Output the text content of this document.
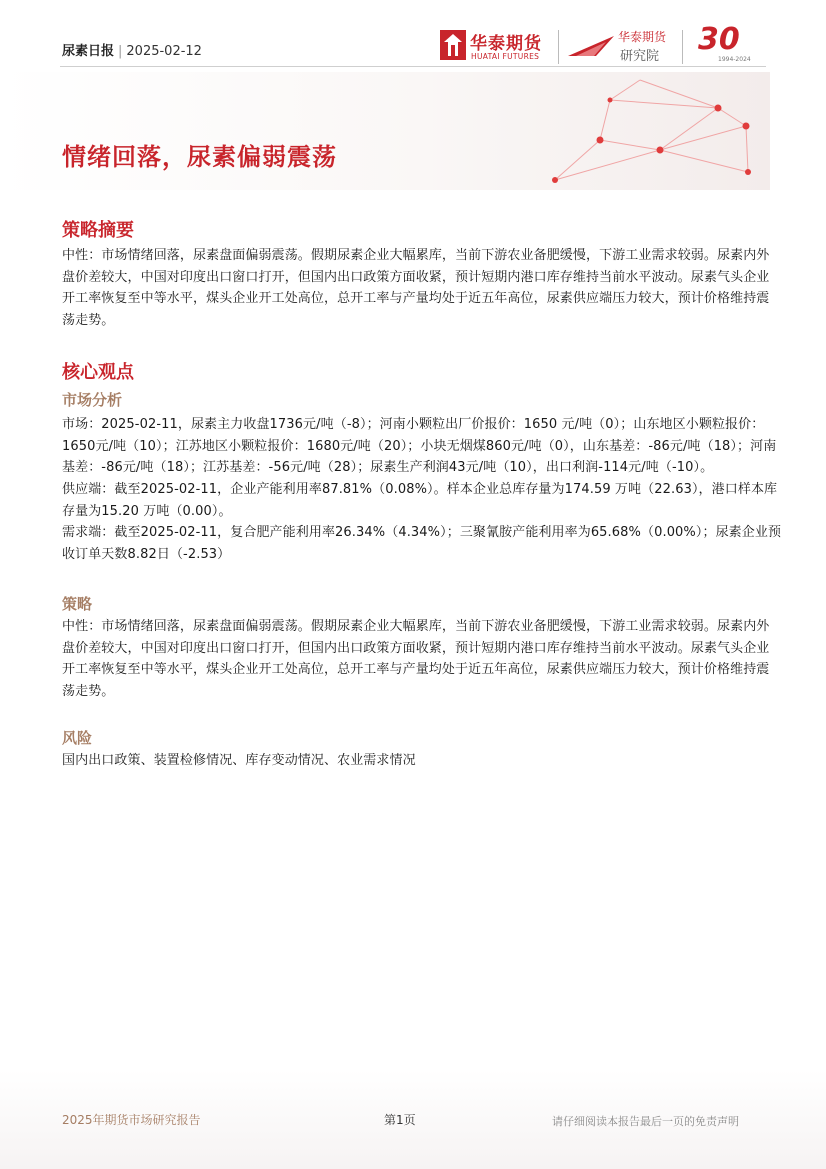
尿素日报 | 2025-02-12	华泰期货
HUATAI FUTURES
华泰期货
研究院 30
1994-2024
情绪回落，尿素偏弱震荡
策略摘要
中性：市场情绪回落，尿素盘面偏弱震荡。假期尿素企业大幅累库，当前下游农业备肥缓慢，下游工业需求较弱。尿素内外盘价差较大，中国对印度出口窗口打开，但国内出口政策方面收紧，预计短期内港口库存维持当前水平波动。尿素气头企业开工率恢复至中等水平，煤头企业开工处高位，总开工率与产量均处于近五年高位，尿素供应端压力较大，预计价格维持震荡走势。
核心观点
市场分析
市场：2025-02-11，尿素主力收盘1736元/吨（-8）；河南小颗粒出厂价报价：1650 元/吨（0）；山东地区小颗粒报价：1650元/吨（10）；江苏地区小颗粒报价：1680元/吨（20）；小块无烟煤860元/吨（0），山东基差：-86元/吨（18）；河南基差：-86元/吨（18）；江苏基差：-56元/吨（28）；尿素生产利润43元/吨（10），出口利润-114元/吨（-10）。
供应端：截至2025-02-11，企业产能利用率87.81%（0.08%）。样本企业总库存量为174.59 万吨（22.63），港口样本库存量为15.20 万吨（0.00）。
需求端：截至2025-02-11，复合肥产能利用率26.34%（4.34%）；三聚氰胺产能利用率为65.68%（0.00%）；尿素企业预收订单天数8.82日（-2.53）
策略
中性：市场情绪回落，尿素盘面偏弱震荡。假期尿素企业大幅累库，当前下游农业备肥缓慢，下游工业需求较弱。尿素内外盘价差较大，中国对印度出口窗口打开，但国内出口政策方面收紧，预计短期内港口库存维持当前水平波动。尿素气头企业开工率恢复至中等水平，煤头企业开工处高位，总开工率与产量均处于近五年高位，尿素供应端压力较大，预计价格维持震荡走势。
风险
国内出口政策、装置检修情况、库存变动情况、农业需求情况
2025年期货市场研究报告	第1页	请仔细阅读本报告最后一页的免责声明
